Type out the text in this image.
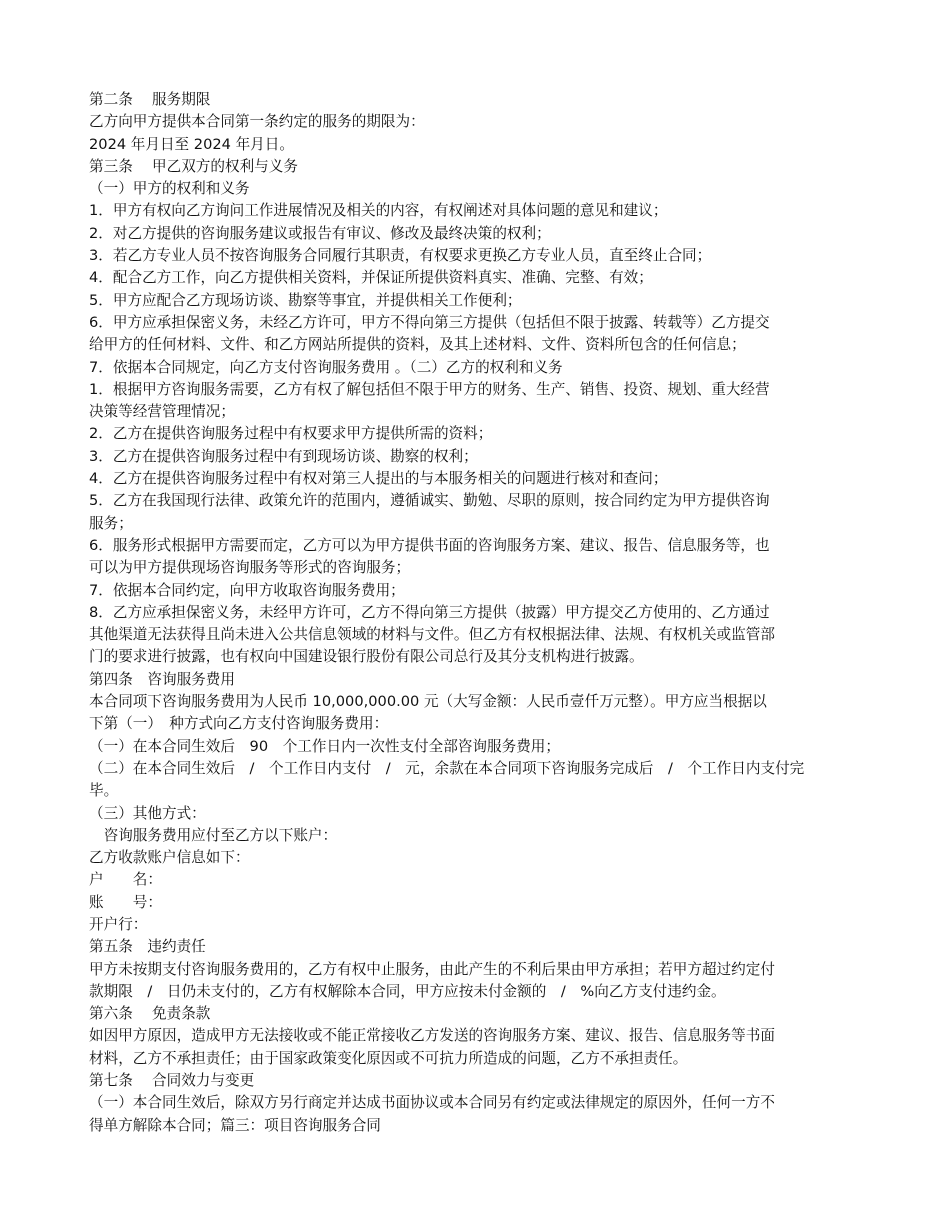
第二条　 服务期限

乙方向甲方提供本合同第一条约定的服务的期限为：

2024 年月日至 2024 年月日。

第三条　 甲乙双方的权利与义务

（一）甲方的权利和义务

1．甲方有权向乙方询问工作进展情况及相关的内容，有权阐述对具体问题的意见和建议；

2．对乙方提供的咨询服务建议或报告有审议、修改及最终决策的权利；

3．若乙方专业人员不按咨询服务合同履行其职责，有权要求更换乙方专业人员，直至终止合同；

4．配合乙方工作，向乙方提供相关资料，并保证所提供资料真实、准确、完整、有效；

5．甲方应配合乙方现场访谈、勘察等事宜，并提供相关工作便利；

6．甲方应承担保密义务，未经乙方许可，甲方不得向第三方提供（包括但不限于披露、转载等）乙方提交

给甲方的任何材料、文件、和乙方网站所提供的资料，及其上述材料、文件、资料所包含的任何信息；

7．依据本合同规定，向乙方支付咨询服务费用 。（二）乙方的权利和义务

1．根据甲方咨询服务需要，乙方有权了解包括但不限于甲方的财务、生产、销售、投资、规划、重大经营

决策等经营管理情况；

2．乙方在提供咨询服务过程中有权要求甲方提供所需的资料；

3．乙方在提供咨询服务过程中有到现场访谈、勘察的权利；

4．乙方在提供咨询服务过程中有权对第三人提出的与本服务相关的问题进行核对和查问；

5．乙方在我国现行法律、政策允许的范围内，遵循诚实、勤勉、尽职的原则，按合同约定为甲方提供咨询

服务；

6．服务形式根据甲方需要而定，乙方可以为甲方提供书面的咨询服务方案、建议、报告、信息服务等，也

可以为甲方提供现场咨询服务等形式的咨询服务；

7．依据本合同约定，向甲方收取咨询服务费用；

8．乙方应承担保密义务，未经甲方许可，乙方不得向第三方提供（披露）甲方提交乙方使用的、乙方通过

其他渠道无法获得且尚未进入公共信息领域的材料与文件。但乙方有权根据法律、法规、有权机关或监管部

门的要求进行披露，也有权向中国建设银行股份有限公司总行及其分支机构进行披露。

第四条　咨询服务费用

本合同项下咨询服务费用为人民币 10,000,000.00 元（大写金额：人民币壹仟万元整）。甲方应当根据以

下第（一）　种方式向乙方支付咨询服务费用：

（一）在本合同生效后　90　个工作日内一次性支付全部咨询服务费用；

（二）在本合同生效后　/　个工作日内支付　/　元，余款在本合同项下咨询服务完成后　/　个工作日内支付完

毕。

（三）其他方式：

　咨询服务费用应付至乙方以下账户：

乙方收款账户信息如下：

户　　名：

账　　号：

开户行：

第五条　违约责任

甲方未按期支付咨询服务费用的，乙方有权中止服务，由此产生的不利后果由甲方承担；若甲方超过约定付

款期限　/　日仍未支付的，乙方有权解除本合同，甲方应按未付金额的　/　%向乙方支付违约金。

第六条　 免责条款

如因甲方原因，造成甲方无法接收或不能正常接收乙方发送的咨询服务方案、建议、报告、信息服务等书面

材料，乙方不承担责任；由于国家政策变化原因或不可抗力所造成的问题，乙方不承担责任。

第七条　 合同效力与变更

（一）本合同生效后，除双方另行商定并达成书面协议或本合同另有约定或法律规定的原因外，任何一方不

得单方解除本合同；篇三：项目咨询服务合同
